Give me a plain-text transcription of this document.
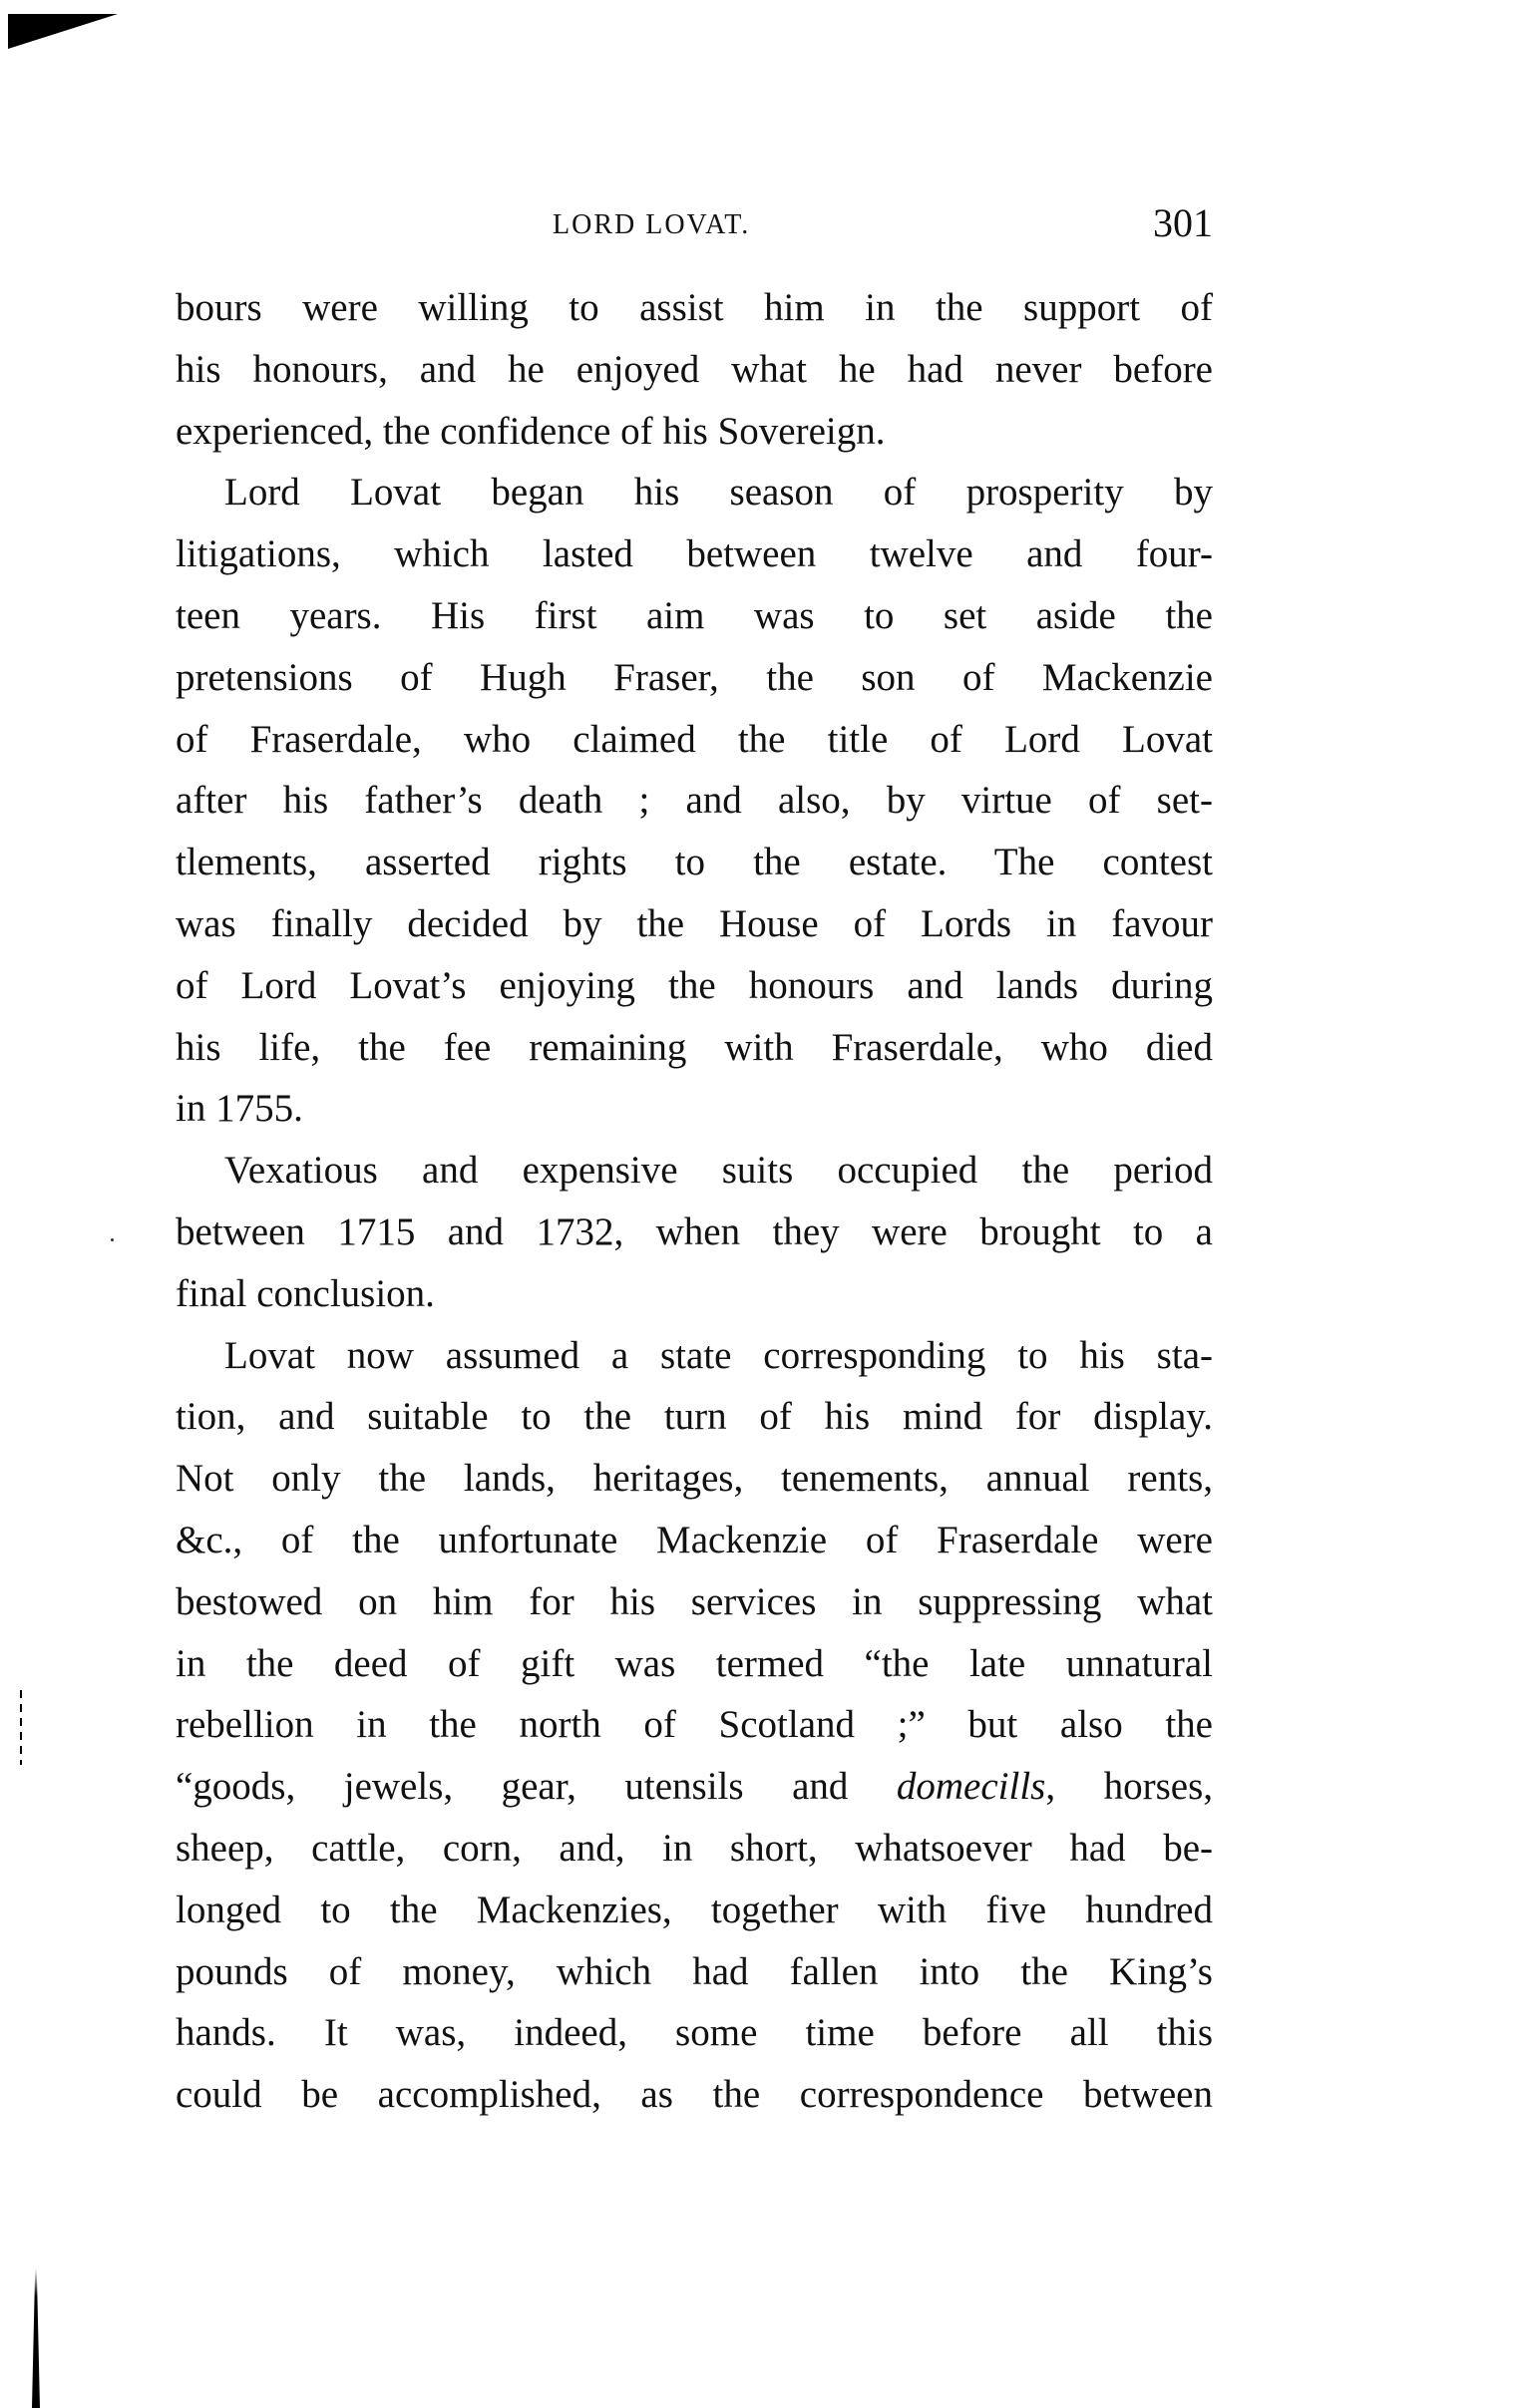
LORD LOVAT.	301
bours were willing to assist him in the support of
his honours, and he enjoyed what he had never before
experienced, the confidence of his Sovereign.
Lord Lovat began his season of prosperity by
litigations, which lasted between twelve and four-
teen years. His first aim was to set aside the
pretensions of Hugh Fraser, the son of Mackenzie
of Fraserdale, who claimed the title of Lord Lovat
after his father’s death ; and also, by virtue of set-
tlements, asserted rights to the estate. The contest
was finally decided by the House of Lords in favour
of Lord Lovat’s enjoying the honours and lands during
his life, the fee remaining with Fraserdale, who died
in 1755.
Vexatious and expensive suits occupied the period
between 1715 and 1732, when they were brought to a
final conclusion.
Lovat now assumed a state corresponding to his sta-
tion, and suitable to the turn of his mind for display.
Not only the lands, heritages, tenements, annual rents,
&c., of the unfortunate Mackenzie of Fraserdale were
bestowed on him for his services in suppressing what
in the deed of gift was termed “the late unnatural
rebellion in the north of Scotland ;” but also the
“goods, jewels, gear, utensils and domecills, horses,
sheep, cattle, corn, and, in short, whatsoever had be-
longed to the Mackenzies, together with five hundred
pounds of money, which had fallen into the King’s
hands. It was, indeed, some time before all this
could be accomplished, as the correspondence between
